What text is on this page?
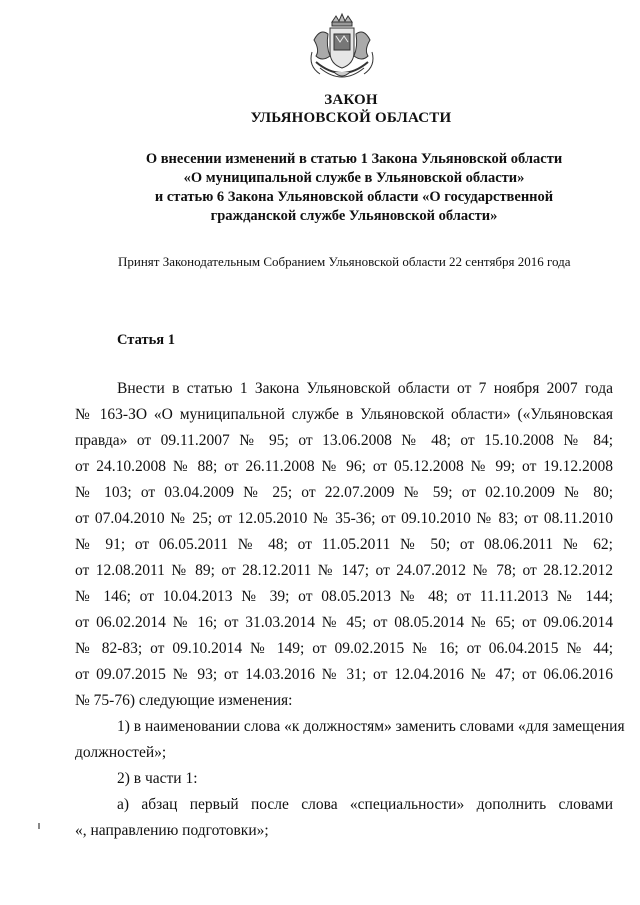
ЗАКОН
УЛЬЯНОВСКОЙ ОБЛАСТИ
О внесении изменений в статью 1 Закона Ульяновской области
«О муниципальной службе в Ульяновской области»
и статью 6 Закона Ульяновской области «О государственной
гражданской службе Ульяновской области»
Принят Законодательным Собранием Ульяновской области 22 сентября 2016 года
Статья 1
Внести в статью 1 Закона Ульяновской области от 7 ноября 2007 года
№ 163-ЗО «О муниципальной службе в Ульяновской области» («Ульяновская
правда» от 09.11.2007 № 95; от 13.06.2008 № 48; от 15.10.2008 № 84;
от 24.10.2008 № 88; от 26.11.2008 № 96; от 05.12.2008 № 99; от 19.12.2008
№ 103; от 03.04.2009 № 25; от 22.07.2009 № 59; от 02.10.2009 № 80;
от 07.04.2010 № 25; от 12.05.2010 № 35-36; от 09.10.2010 № 83; от 08.11.2010
№ 91; от 06.05.2011 № 48; от 11.05.2011 № 50; от 08.06.2011 № 62;
от 12.08.2011 № 89; от 28.12.2011 № 147; от 24.07.2012 № 78; от 28.12.2012
№ 146; от 10.04.2013 № 39; от 08.05.2013 № 48; от 11.11.2013 № 144;
от 06.02.2014 № 16; от 31.03.2014 № 45; от 08.05.2014 № 65; от 09.06.2014
№ 82-83; от 09.10.2014 № 149; от 09.02.2015 № 16; от 06.04.2015 № 44;
от 09.07.2015 № 93; от 14.03.2016 № 31; от 12.04.2016 № 47; от 06.06.2016
№ 75-76) следующие изменения:
1) в наименовании слова «к должностям» заменить словами «для замещения
должностей»;
2) в части 1:
а) абзац первый после слова «специальности» дополнить словами
«, направлению подготовки»;
